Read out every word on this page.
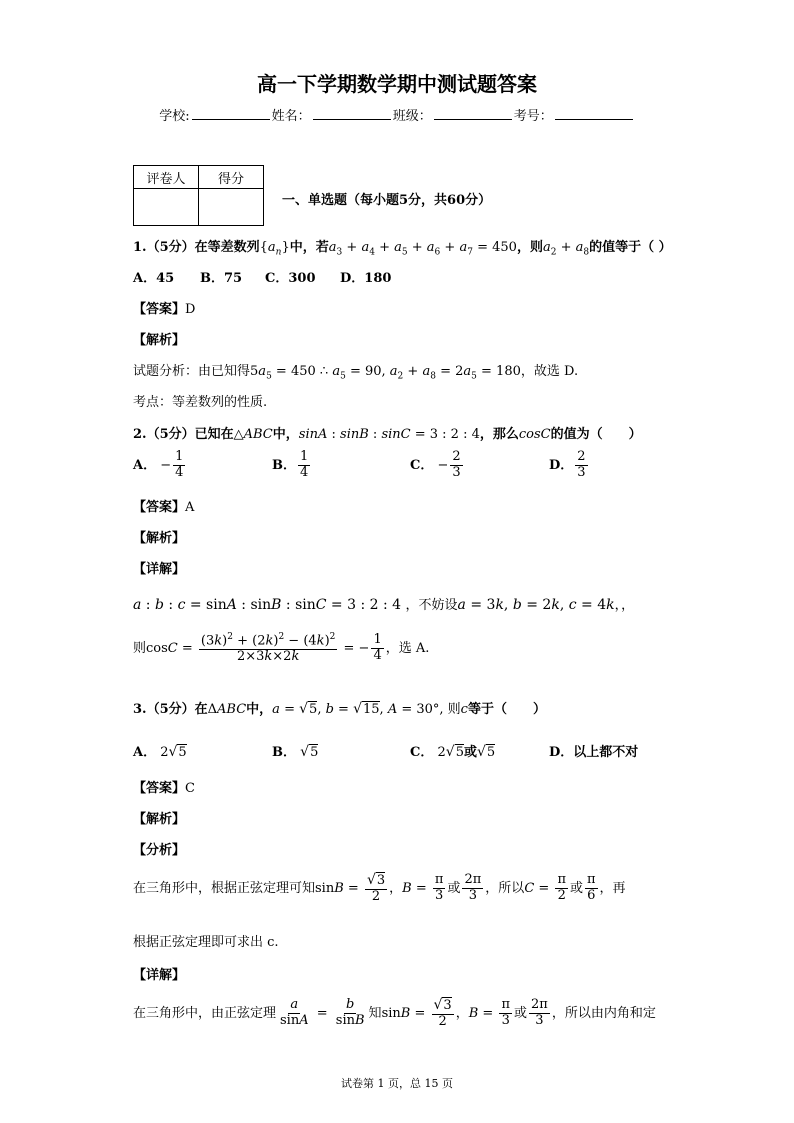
高一下学期数学期中测试题答案
学校:	姓名：	班级：	考号：
评卷人	得分

一、单选题（每小题5分，共60分）
1.（5分）在等差数列$\{a_n\}$中，若$a_3 + a_4 + a_5 + a_6 + a_7 = 450$，则$a_2 + a_8$的值等于（ ）
A．45 B．75 C．300 D．180
【答案】D
【解析】
试题分析：由已知得$5a_5 = 450$ ∴ $a_5 = 90$, $a_2 + a_8 = 2a_5 = 180$，故选 D.
考点：等差数列的性质.
2.（5分）已知在△ABC中，sinA : sinB : sinC = 3 : 2 : 4，那么cosC的值为（　　）
A． − $\frac{1}{4}$	B． $\frac{1}{4}$	C． − $\frac{2}{3}$	D． $\frac{2}{3}$
【答案】A
【解析】
【详解】
a : b : c = sinA : sinB : sinC = 3 : 2 : 4 ，不妨设a = 3k, b = 2k, c = 4k，，
则$\cos C = \frac{(3k)^2 + (2k)^2 - (4k)^2}{2\times 3k\times 2k}$ = − $\frac{1}{4}$ ，选 A.
3.（5分）在ΔABC中，a = √5, b = √15, A = 30°, 则c等于（　　）
A． 2√5	B． √5	C． 2√5或√5	D．以上都不对
【答案】C
【解析】
【分析】
在三角形中，根据正弦定理可知$\sin B = \frac{√3}{2}$ ，$B = \frac{\pi}{3}$ 或 $\frac{2\pi}{3}$ ，所以$C = \frac{\pi}{2}$ 或 $\frac{\pi}{6}$ ，再
根据正弦定理即可求出 c.
【详解】
在三角形中，由正弦定理 $\frac{a}{\sin A} = \frac{b}{\sin B}$ 知$\sin B = \frac{√3}{2}$ ，$B = \frac{\pi}{3}$ 或 $\frac{2\pi}{3}$ ，所以由内角和定
试卷第 1 页，总 15 页
